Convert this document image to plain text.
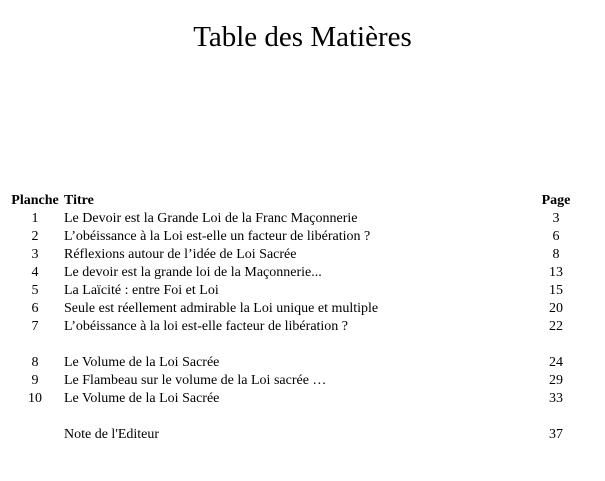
Table des Matières
Planche	Titre	Page
1	Le Devoir est la Grande Loi de la Franc Maçonnerie	3
2	L’obéissance à la Loi est-elle un facteur de libération ?	6
3	Réflexions autour de l’idée de Loi Sacrée	8
4	Le devoir est la grande loi de la Maçonnerie...	13
5	La Laïcité : entre Foi et Loi	15
6	Seule est réellement admirable la Loi unique et multiple	20
7	L’obéissance à la loi est-elle facteur de libération ?	22

8	Le Volume de la Loi Sacrée	24
9	Le Flambeau sur le volume de la Loi sacrée …	29
10	Le Volume de la Loi Sacrée	33

	Note de l'Editeur	37
